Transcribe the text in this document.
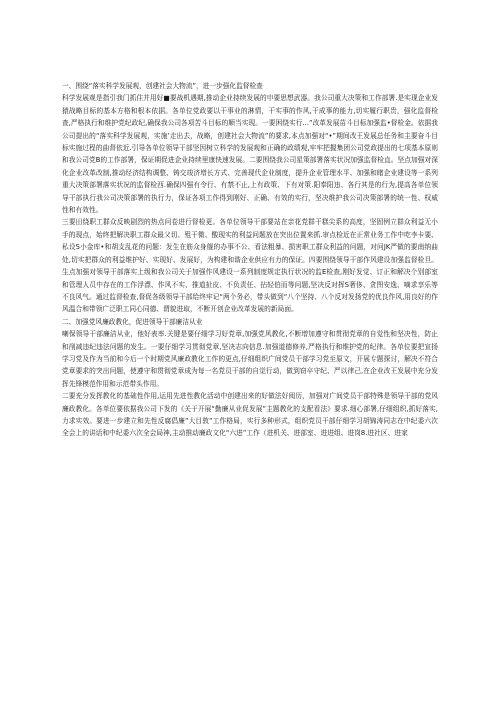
一、围绕“落实科学发展观，创建社会大物流”，进一步强化监督检查

科学发展观是指引我门抓住并用好■要战机遇期,推动企业持续发展的申要思想武器。我公司重大决策和工作部署.是实现企业发猿战略目标的基本方格和根本依据。各单位党政要以干事业的淋情，干实事的作风,干成事的能力,切实履行职贵，强化监督检查,严格执行和维护党纪政纪,确保我公司各项苦斗目标的顺当实现。一要困绕实行...”改革发展苗斗目标加强监•督检金。依据我公司提出的“落实科学发展观，实施’走出去，战略，创建社会大物流”的要求,本点加强对“•”期间改王发展总任务和主要奋斗目标实施过程的曲督依近.引导各单位领导干部坚因树立科学的发展观和正确的政绩观,牢牢把握集团公司党政提出的七项基本原则和我公司党B的工作部署，保证期促进企业持续里康快速发展。二要围绕我公司星策部署落实状况加强监督检直。坚点加强对深化企业改革改制,推动经济结构调整、铸交竣济增长方式、完善现代企业制度，提升企业管理水平、加强和睹企业建设等一系列重大决策部署落实状况的监督检西.确保四强有令行、有禁不止,上有政策、下有对策.阳奉阳违、各行其是的行为,提高各单位领导干部执行我公司决策部署的执行力，保证各项工作得到刚好、正确、有效的实行，坚决维护我公司决策部署的统一性、权威性和有效性。

三要田绕职工群众反映剧烈的热点问卷进行督检更。各单位领导干部要站在亲花党群干糕尖系的高度，坚固例立群众利益无小手的现点，始终把解决职工群众最父切、殂干微、酸现实的利益问题放在突出位置来抓.审点检近在正常业务工作中吃李卡要、私设S小金库•和胡支乱花的问题：发生在筋众身舰的办事不公、看法粗暴、损害职工群众利益的问题，对问JK严做的要南纳曲处,切实把群众的利益维护好、实现好、发展好，为构建和谐企业供应有力的保证。四要围绕领导干部作风建设加强监督检旦。生点加强对领导干部落实上级和我公司关于加强作风建设一系列制度规定执行状况的监E检查,刚好发觉、订正和解决个别部室和管理人员中存在的工作浮漂、作风不实、推道扯皮、不负责任、拈轻伯而等问题,坚决反对挥S奢侈、贪图安逸、嘀求享乐等不良风气。通过监督检查,督促各级领导干部给终牢记“两个务必，带头做到“八个坚持、八个反对发扬党的优良作风,用良好的作风温合和带领广泛职工同心同德、谓貌进取，不断开创企业改革发展的新局面。

二、加强党风廉政教化，促进领导干部廉洁从业

喇保领导干部廉洁从业，他好表率.关键是要仔细学习好党章,加强党风教化,不断增加遵守和贯彻党章的自觉性和坚决性，防止和削减违纪违法问题的发生。一要仔细学习贯彻党章,坚决志向信息.加强道德修养,严格执行和维护党的纪律。各单位要把宣扬学习党及作为当前和今后一个时期党风廉政教化工作的更点,仔细组织广间党员干部学习党至原文，开展专题探讨，解决不符合党章要求的突出问题，使遵守和贯彻党章成为每一名党员干部的自觉行动，做到窃卒守纪、严以律己,在企业改王发展中充分发挥先锋模范作用和示范带头作用。

二要充分发挥教化的基础性作用,运用先进性教化活动中创建出来的好做法好阅历，加强对广间党员干部特殊是领导干部的党风廉政教化。各单位要依据我公司下发的《关于开展“勤廉从业促发展”主题教化的支配看法》要求.细心部署,仔细组织,抓好落实,力求实效。要进一步建立和先性反腐倡廉”大目敦”工作格局，实行多种形式，组织党员干部仔细学习胡锦涛同志在中纪委六次全会上的讲话和中纪委六次全会局神,主动推动廉政文化“六进”工作（进机关、进部室、进进组、进岗8.进社区、进家
